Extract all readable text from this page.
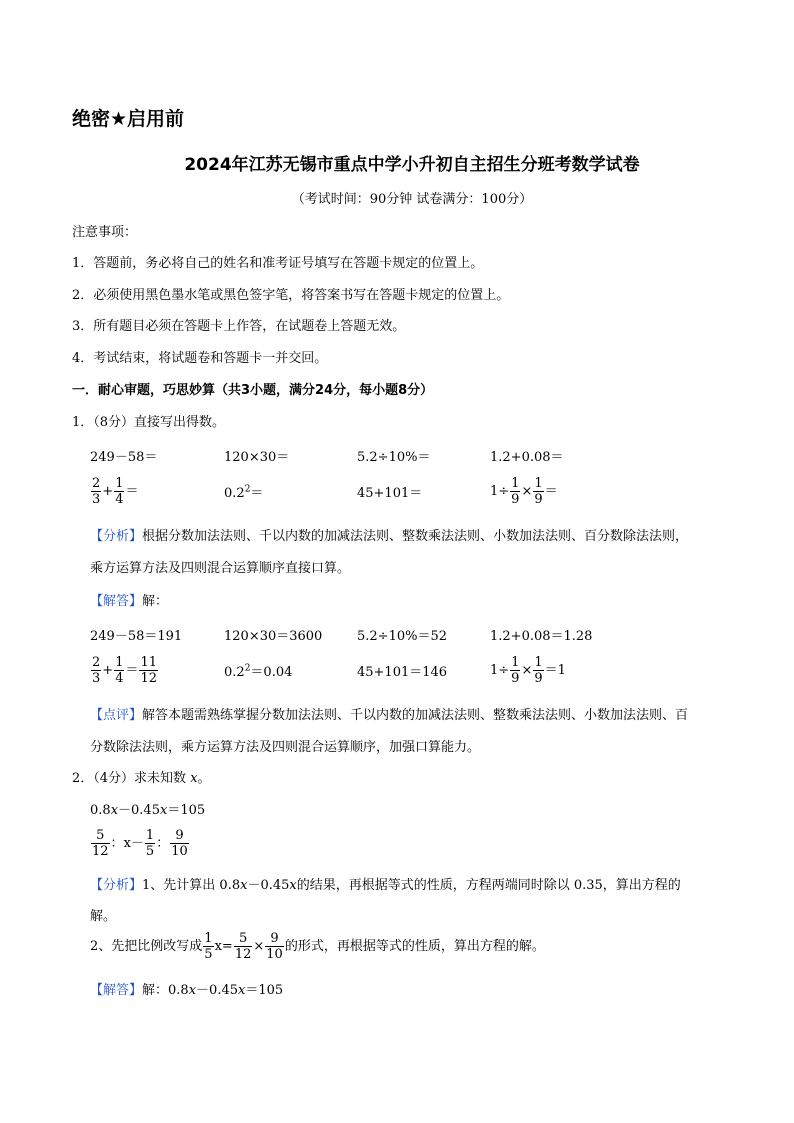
绝密★启用前
2024年江苏无锡市重点中学小升初自主招生分班考数学试卷
（考试时间：90分钟 试卷满分：100分）
注意事项：
1．答题前，务必将自己的姓名和准考证号填写在答题卡规定的位置上。
2．必须使用黑色墨水笔或黑色签字笔，将答案书写在答题卡规定的位置上。
3．所有题目必须在答题卡上作答，在试题卷上答题无效。
4．考试结束，将试题卷和答题卡一并交回。
一．耐心审题，巧思妙算（共3小题，满分24分，每小题8分）
1．（8分）直接写出得数。
249－58＝	120×30＝	5.2÷10%＝	1.2+0.08＝
$\frac{2}{3} + \frac{1}{4}$ ＝	$0.2^2=$	45+101＝	$1\div \frac{1}{9} \times \frac{1}{9}$ ＝
【分析】根据分数加法法则、千以内数的加减法法则、整数乘法法则、小数加法法则、百分数除法法则，
乘方运算方法及四则混合运算顺序直接口算。
【解答】解：
249－58＝191	120×30＝3600	5.2÷10%＝52	1.2+0.08＝1.28
$\frac{2}{3} + \frac{1}{4} = \frac{11}{12}$	$0.2^2=0.04$	45+101＝146	$1\div \frac{1}{9} \times \frac{1}{9} =1$
【点评】解答本题需熟练掌握分数加法法则、千以内数的加减法法则、整数乘法法则、小数加法法则、百
分数除法法则，乘方运算方法及四则混合运算顺序，加强口算能力。
2．（4分）求未知数 x。
0.8x－0.45x＝105
$\frac{5}{12}$ ：$x- \frac{1}{5}$ ： $\frac{9}{10}$
【分析】1、先计算出 0.8x－0.45x的结果，再根据等式的性质，方程两端同时除以 0.35，算出方程的
解。
2、先把比例改写成 $\frac{1}{5} x= \frac{5}{12} \times \frac{9}{10}$ 的形式，再根据等式的性质，算出方程的解。
【解答】解：0.8x－0.45x＝105
